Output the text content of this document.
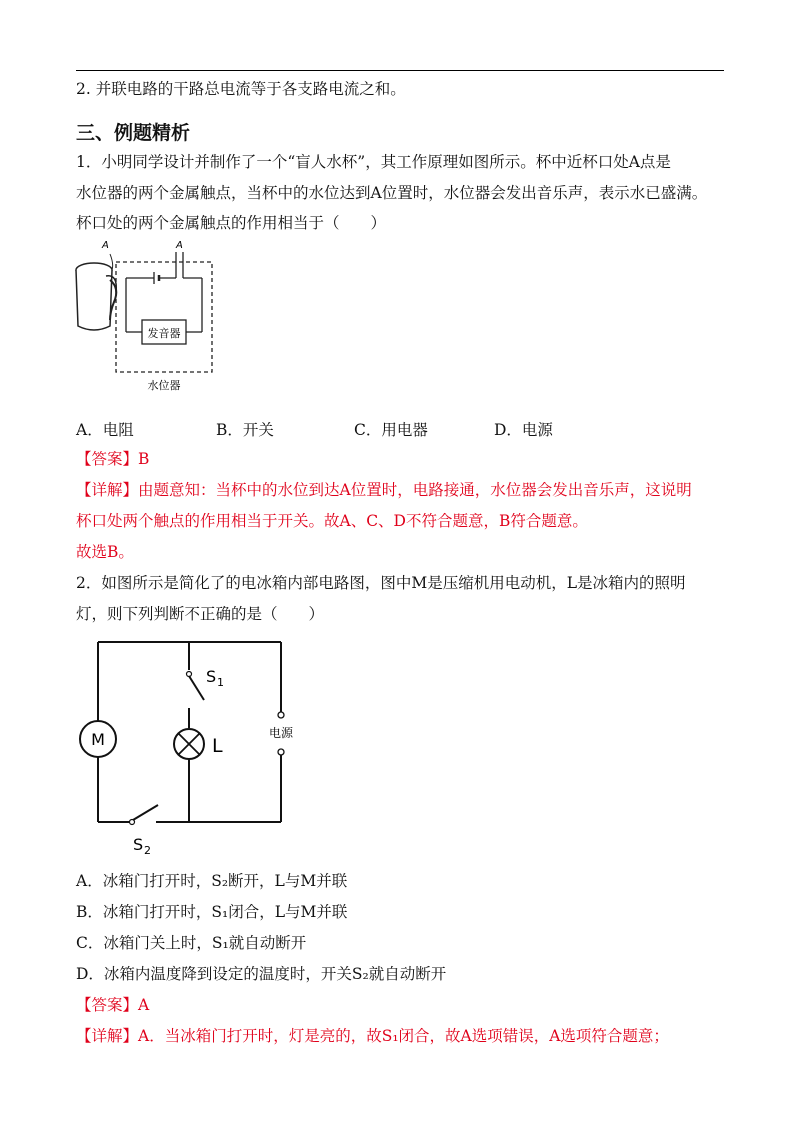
2. 并联电路的干路总电流等于各支路电流之和。
三、例题精析
1．小明同学设计并制作了一个“盲人水杯”，其工作原理如图所示。杯中近杯口处A点是
水位器的两个金属触点，当杯中的水位达到A位置时，水位器会发出音乐声，表示水已盛满。
杯口处的两个金属触点的作用相当于（　　）
A	A
发音器
水位器
A．电阻	B．开关	C．用电器	D．电源
【答案】B
【详解】由题意知：当杯中的水位到达A位置时，电路接通，水位器会发出音乐声，这说明
杯口处两个触点的作用相当于开关。故A、C、D不符合题意，B符合题意。
故选B。
2．如图所示是简化了的电冰箱内部电路图，图中M是压缩机用电动机，L是冰箱内的照明
灯，则下列判断不正确的是（　　）
S 2
M
S 1
L
电源
A．冰箱门打开时，S₂断开，L与M并联
B．冰箱门打开时，S₁闭合，L与M并联
C．冰箱门关上时，S₁就自动断开
D．冰箱内温度降到设定的温度时，开关S₂就自动断开
【答案】A
【详解】A．当冰箱门打开时，灯是亮的，故S₁闭合，故A选项错误，A选项符合题意；
